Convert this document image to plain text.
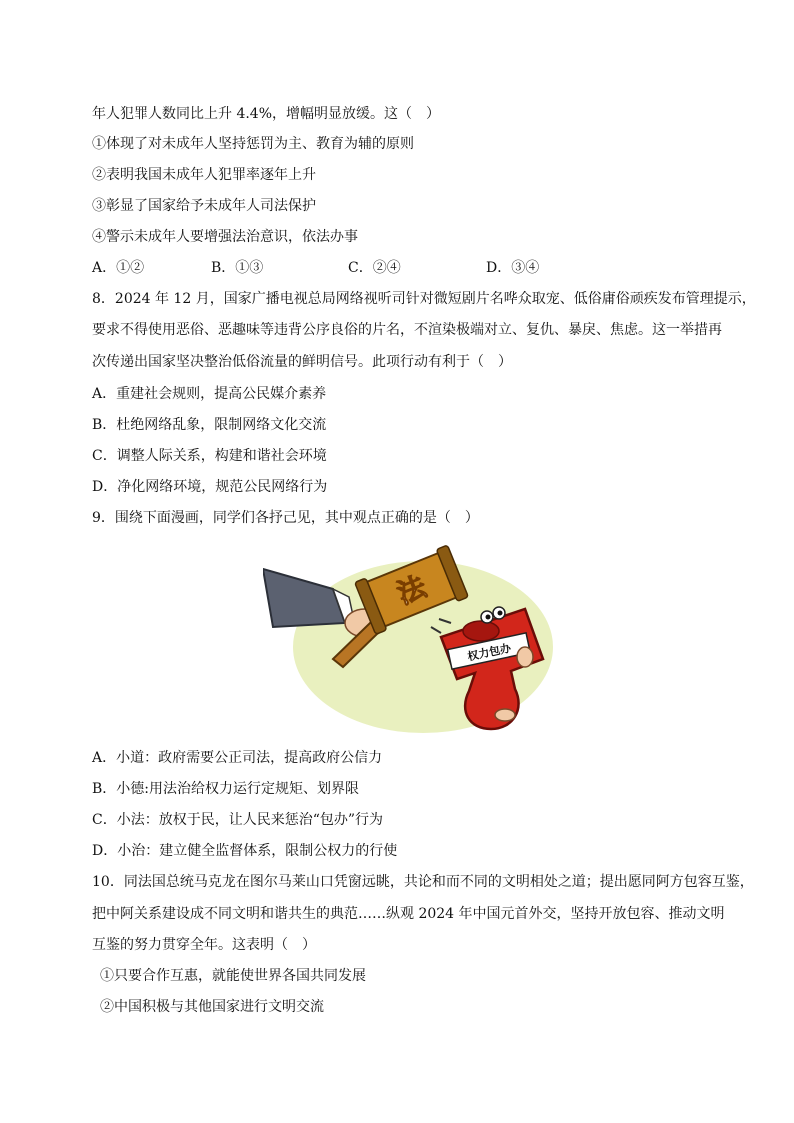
年人犯罪人数同比上升 4.4%，增幅明显放缓。这（　）
①体现了对未成年人坚持惩罚为主、教育为辅的原则
②表明我国未成年人犯罪率逐年上升
③彰显了国家给予未成年人司法保护
④警示未成年人要增强法治意识，依法办事
A．①②	B．①③	C．②④	D．③④
8．2024 年 12 月，国家广播电视总局网络视听司针对微短剧片名哗众取宠、低俗庸俗顽疾发布管理提示，
要求不得使用恶俗、恶趣味等违背公序良俗的片名，不渲染极端对立、复仇、暴戾、焦虑。这一举措再
次传递出国家坚决整治低俗流量的鲜明信号。此项行动有利于（　）
A．重建社会规则，提高公民媒介素养
B．杜绝网络乱象，限制网络文化交流
C．调整人际关系，构建和谐社会环境
D．净化网络环境，规范公民网络行为
9．围绕下面漫画，同学们各抒己见，其中观点正确的是（　）
法
权力包办
A．小道：政府需要公正司法，提高政府公信力
B．小德:用法治给权力运行定规矩、划界限
C．小法：放权于民，让人民来惩治“包办”行为
D．小治：建立健全监督体系，限制公权力的行使
10．同法国总统马克龙在图尔马莱山口凭窗远眺，共论和而不同的文明相处之道；提出愿同阿方包容互鉴，
把中阿关系建设成不同文明和谐共生的典范……纵观 2024 年中国元首外交，坚持开放包容、推动文明
互鉴的努力贯穿全年。这表明（　）
①只要合作互惠，就能使世界各国共同发展
②中国积极与其他国家进行文明交流
